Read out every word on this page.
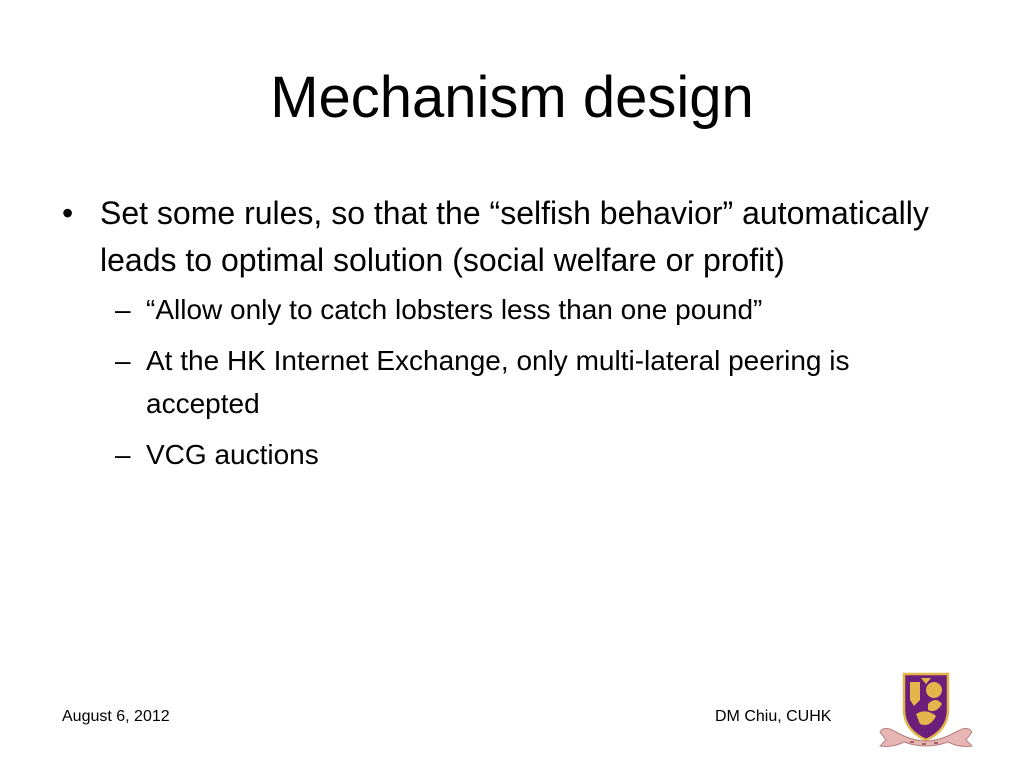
Mechanism design
• Set some rules, so that the “selfish behavior” automatically leads to optimal solution (social welfare or profit)
– “Allow only to catch lobsters less than one pound”
– At the HK Internet Exchange, only multi-lateral peering is accepted
– VCG auctions
August 6, 2012	DM Chiu, CUHK
